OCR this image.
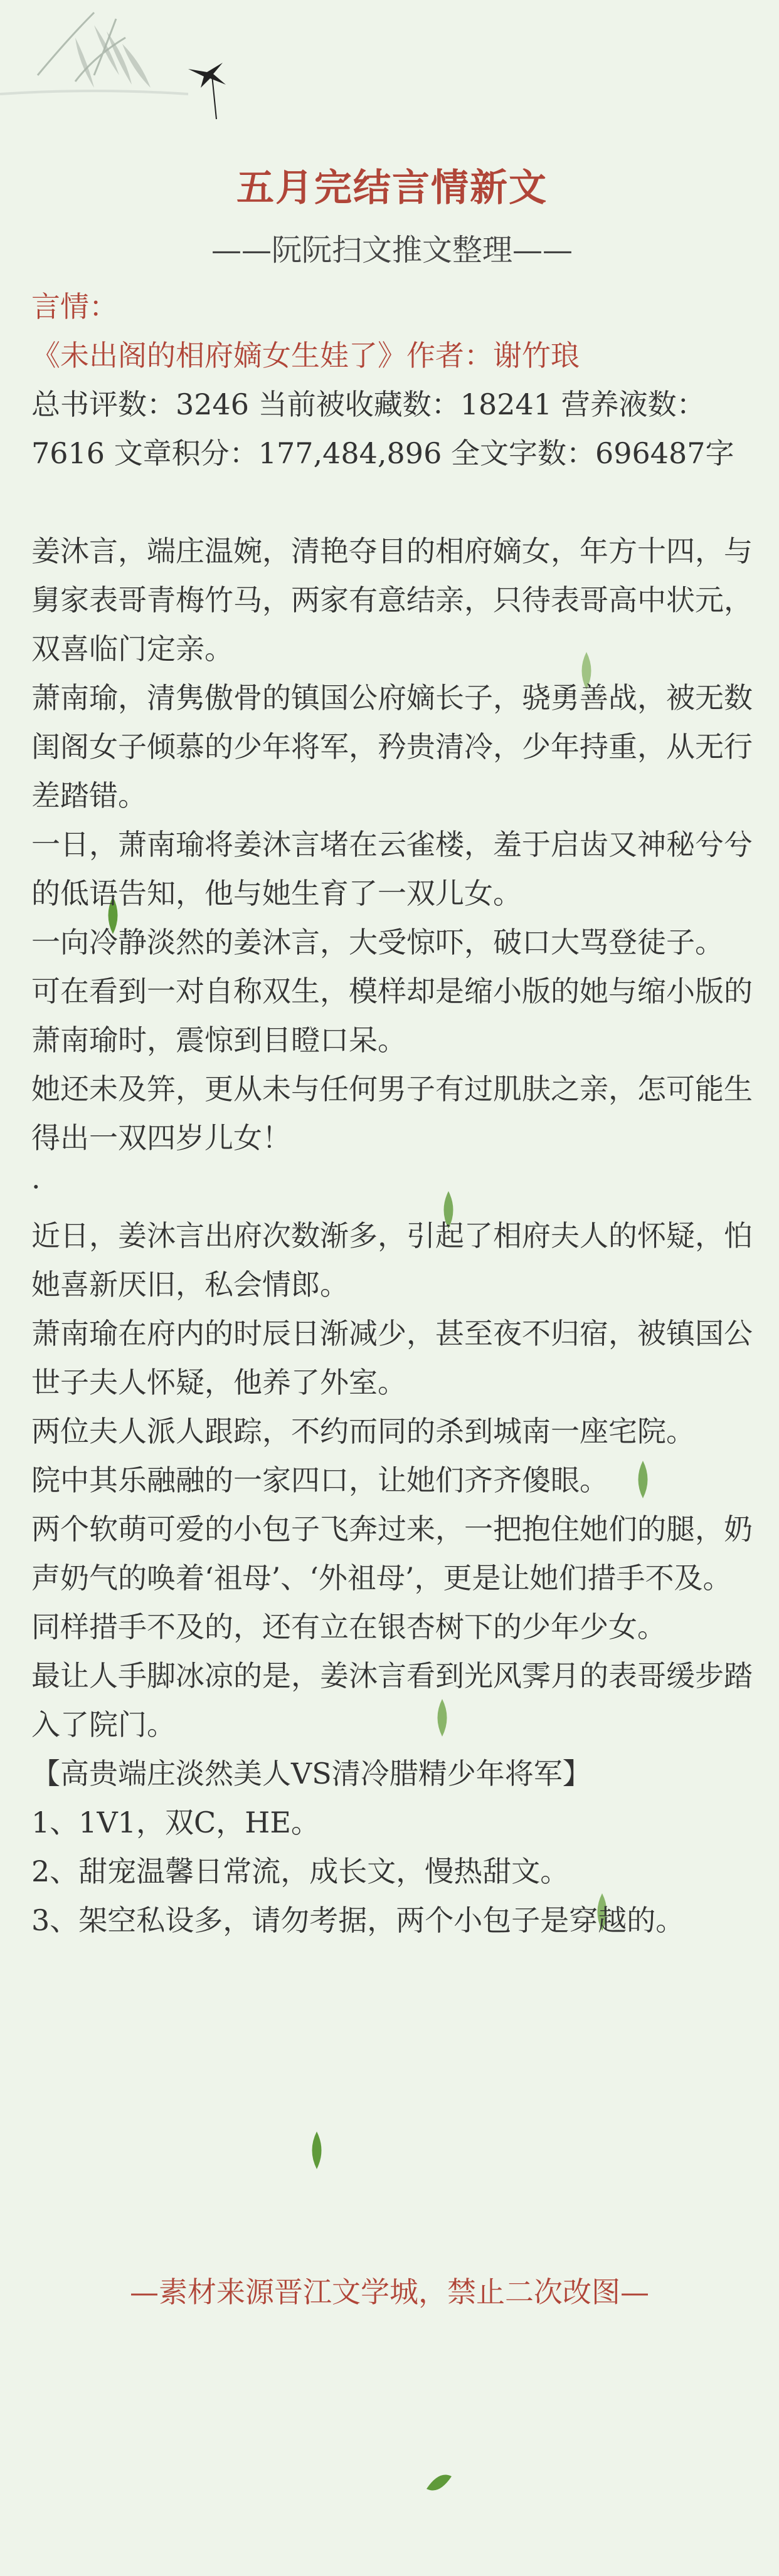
五月完结言情新文
——阮阮扫文推文整理——

言情：

《未出阁的相府嫡女生娃了》作者：谢竹琅

总书评数：3246 当前被收藏数：18241 营养液数：7616 文章积分：177,484,896 全文字数：696487字

姜沐言，端庄温婉，清艳夺目的相府嫡女，年方十四，与舅家表哥青梅竹马，两家有意结亲，只待表哥高中状元，双喜临门定亲。

萧南瑜，清隽傲骨的镇国公府嫡长子，骁勇善战，被无数闺阁女子倾慕的少年将军，矜贵清冷，少年持重，从无行差踏错。

一日，萧南瑜将姜沐言堵在云雀楼，羞于启齿又神秘兮兮的低语告知，他与她生育了一双儿女。

一向冷静淡然的姜沐言，大受惊吓，破口大骂登徒子。

可在看到一对自称双生，模样却是缩小版的她与缩小版的萧南瑜时，震惊到目瞪口呆。

她还未及笄，更从未与任何男子有过肌肤之亲，怎可能生得出一双四岁儿女！

·

近日，姜沐言出府次数渐多，引起了相府夫人的怀疑，怕她喜新厌旧，私会情郎。

萧南瑜在府内的时辰日渐减少，甚至夜不归宿，被镇国公世子夫人怀疑，他养了外室。

两位夫人派人跟踪，不约而同的杀到城南一座宅院。

院中其乐融融的一家四口，让她们齐齐傻眼。

两个软萌可爱的小包子飞奔过来，一把抱住她们的腿，奶声奶气的唤着‘祖母’、‘外祖母’，更是让她们措手不及。

同样措手不及的，还有立在银杏树下的少年少女。

最让人手脚冰凉的是，姜沐言看到光风霁月的表哥缓步踏入了院门。

【高贵端庄淡然美人VS清冷腊精少年将军】

1、1V1，双C，HE。

2、甜宠温馨日常流，成长文，慢热甜文。

3、架空私设多，请勿考据，两个小包子是穿越的。

—素材来源晋江文学城，禁止二次改图—
